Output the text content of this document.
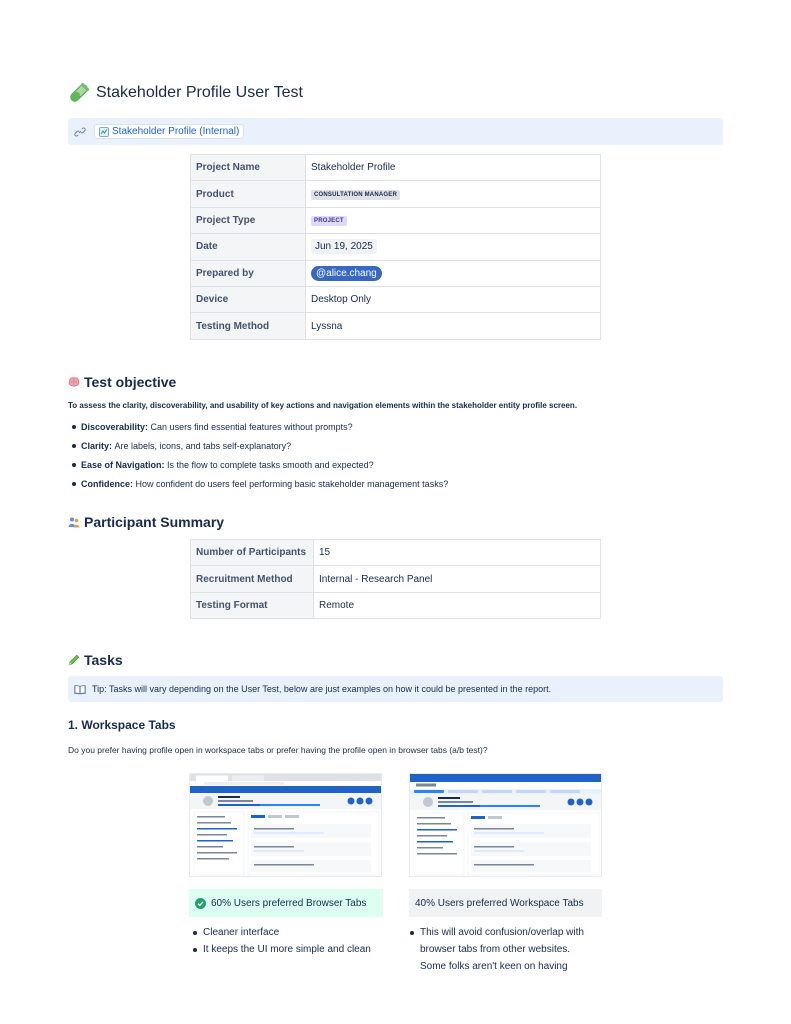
Stakeholder Profile User Test
Stakeholder Profile (Internal)
Project Name	Stakeholder Profile
Product	CONSULTATION MANAGER
Project Type	PROJECT
Date	Jun 19, 2025
Prepared by	@alice.chang
Device	Desktop Only
Testing Method	Lyssna
Test objective
To assess the clarity, discoverability, and usability of key actions and navigation elements within the stakeholder entity profile screen.
Discoverability:
Can users find essential features without prompts?
Clarity:
Are labels, icons, and tabs self-explanatory?
Ease of Navigation:
Is the flow to complete tasks smooth and expected?
Confidence:
How confident do users feel performing basic stakeholder management tasks?
Participant Summary
Number of Participants	15
Recruitment Method	Internal - Research Panel
Testing Format	Remote
Tasks
Tip: Tasks will vary depending on the User Test, below are just examples on how it could be presented in the report.
1. Workspace Tabs
Do you prefer having profile open in workspace tabs or prefer having the profile open in browser tabs (a/b test)?
60% Users preferred Browser Tabs	40% Users preferred Workspace Tabs
Cleaner interface
It keeps the UI more simple and clean
This will avoid confusion/overlap with browser tabs from other websites. Some folks aren't keen on having
